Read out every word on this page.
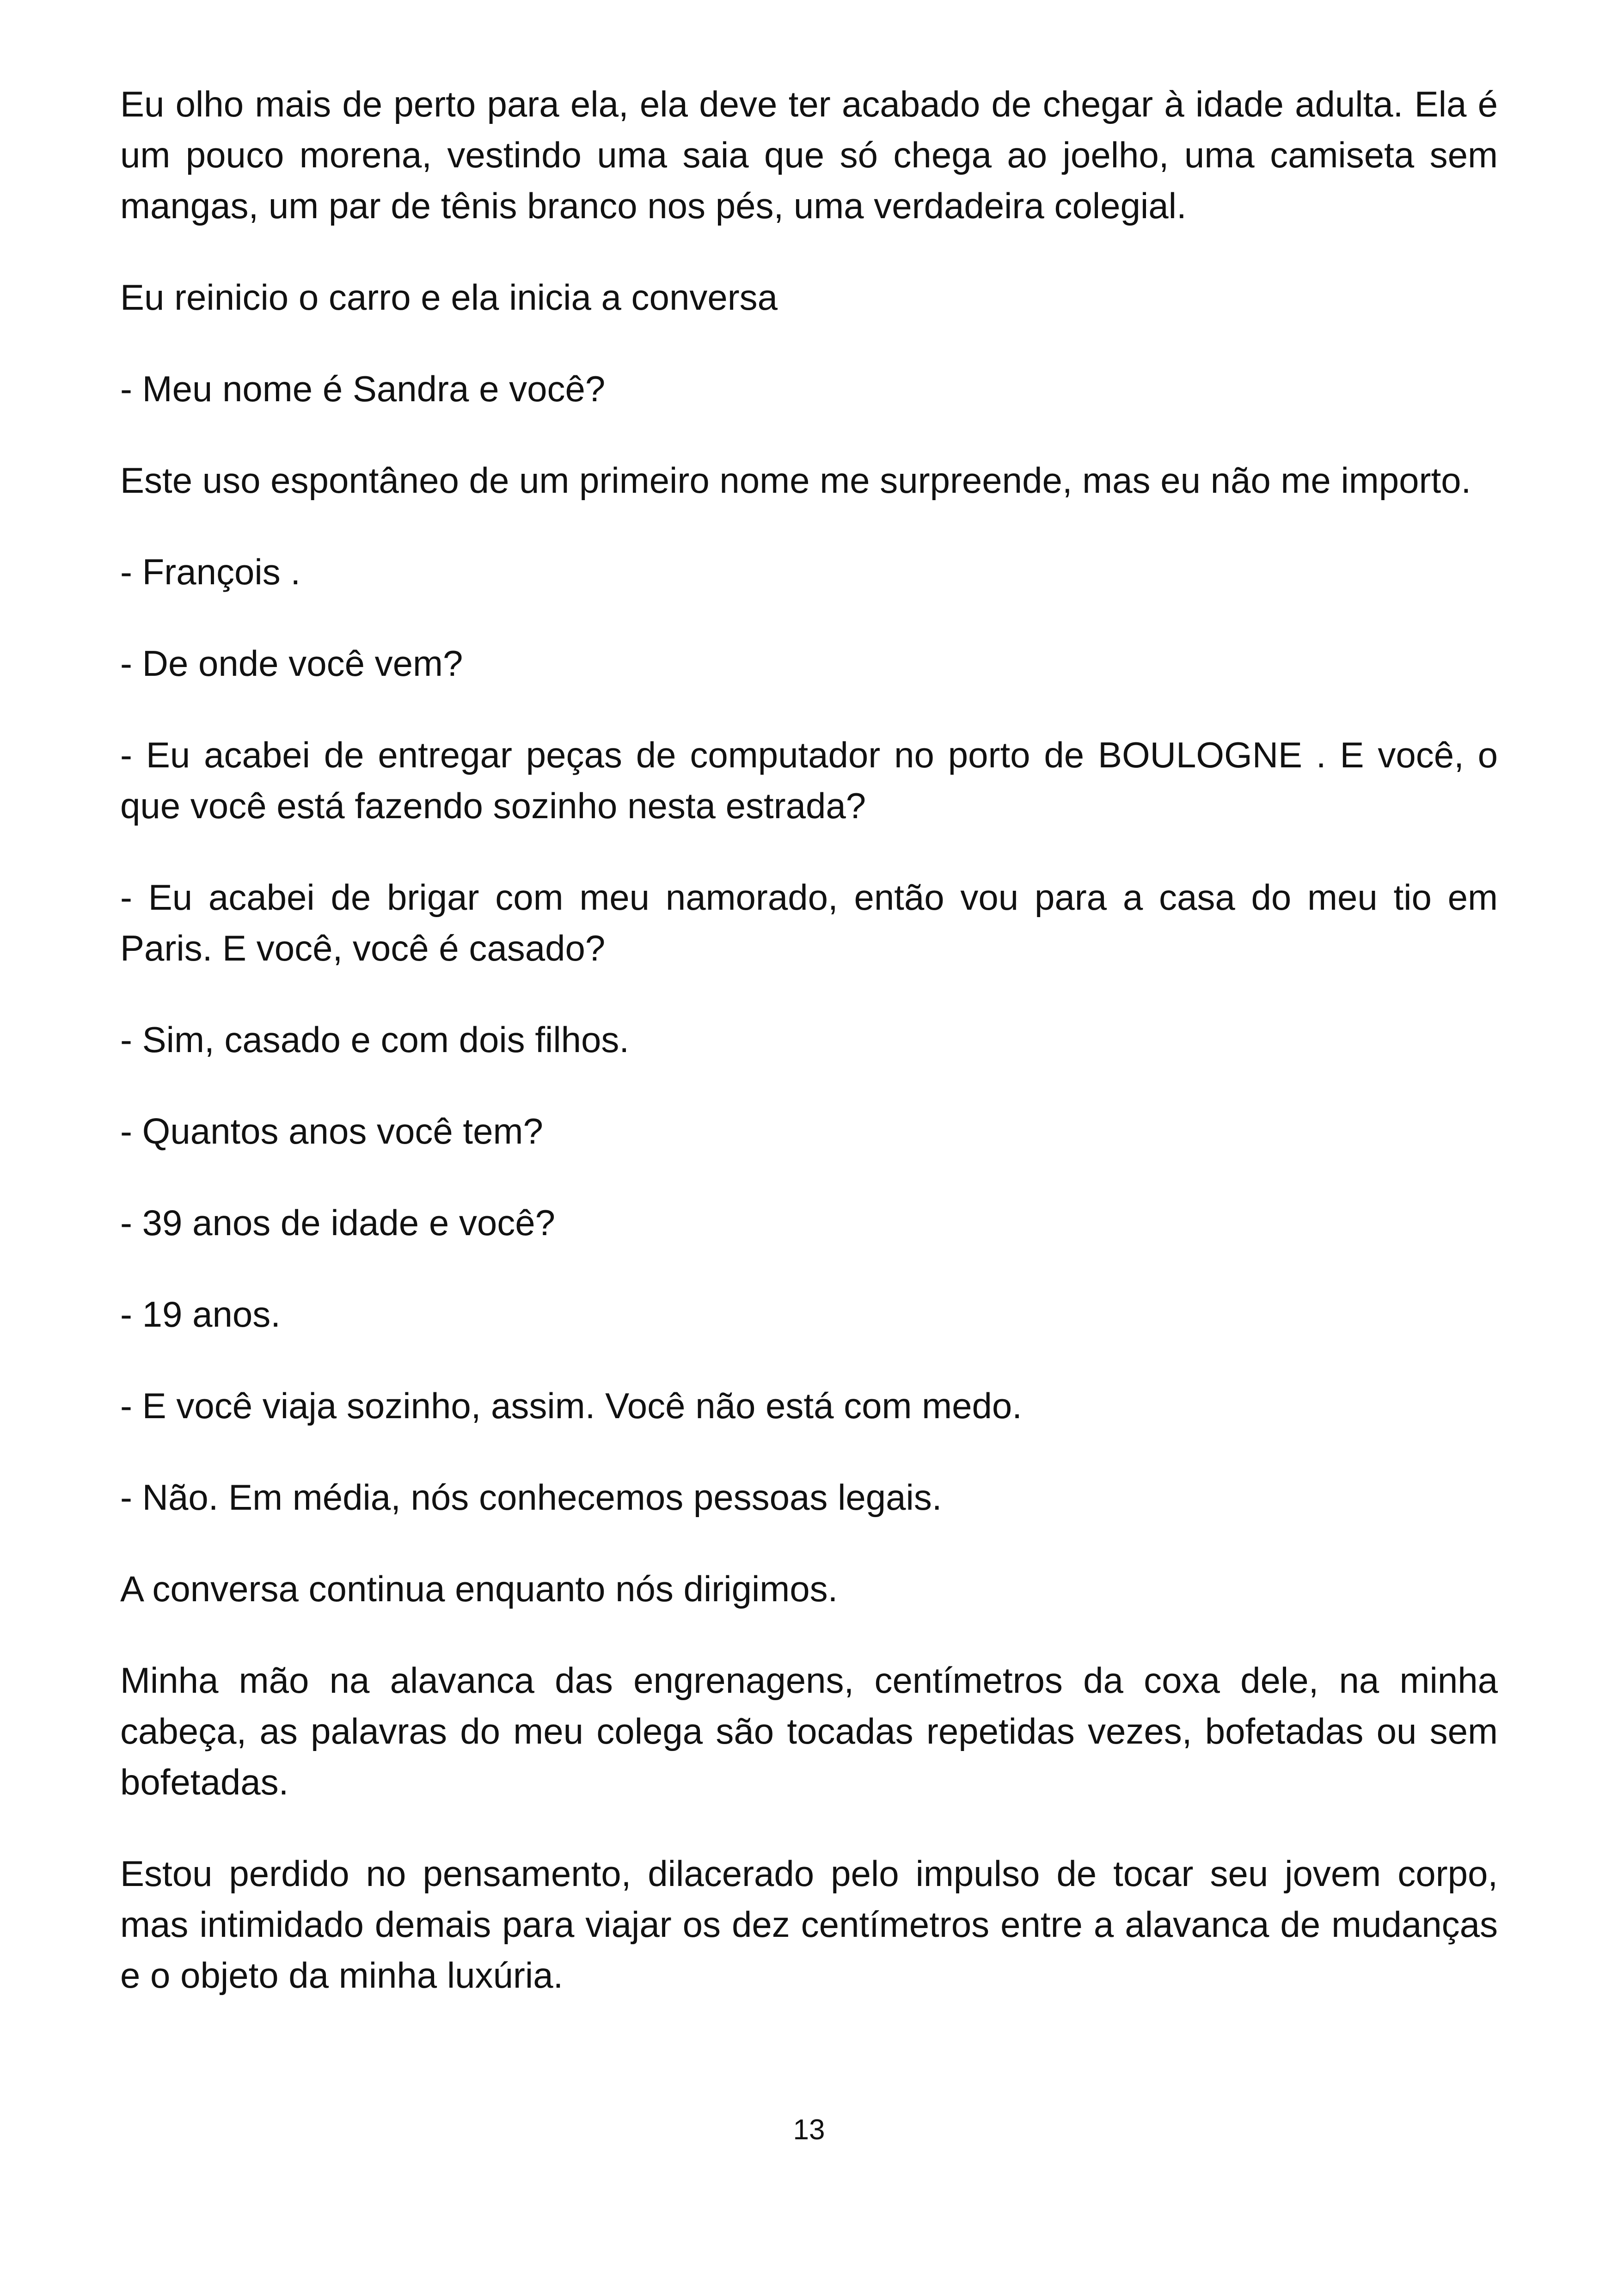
Eu olho mais de perto para ela, ela deve ter acabado de chegar à idade adulta. Ela é um pouco morena, vestindo uma saia que só chega ao joelho, uma camiseta sem mangas, um par de tênis branco nos pés, uma verdadeira colegial.

Eu reinicio o carro e ela inicia a conversa

- Meu nome é Sandra e você?

Este uso espontâneo de um primeiro nome me surpreende, mas eu não me importo.

- François .

- De onde você vem?

- Eu acabei de entregar peças de computador no porto de BOULOGNE . E você, o que você está fazendo sozinho nesta estrada?

- Eu acabei de brigar com meu namorado, então vou para a casa do meu tio em Paris. E você, você é casado?

- Sim, casado e com dois filhos.

- Quantos anos você tem?

- 39 anos de idade e você?

- 19 anos.

- E você viaja sozinho, assim. Você não está com medo.

- Não. Em média, nós conhecemos pessoas legais.

A conversa continua enquanto nós dirigimos.

Minha mão na alavanca das engrenagens, centímetros da coxa dele, na minha cabeça, as palavras do meu colega são tocadas repetidas vezes, bofetadas ou sem bofetadas.

Estou perdido no pensamento, dilacerado pelo impulso de tocar seu jovem corpo, mas intimidado demais para viajar os dez centímetros entre a alavanca de mudanças e o objeto da minha luxúria.

13
